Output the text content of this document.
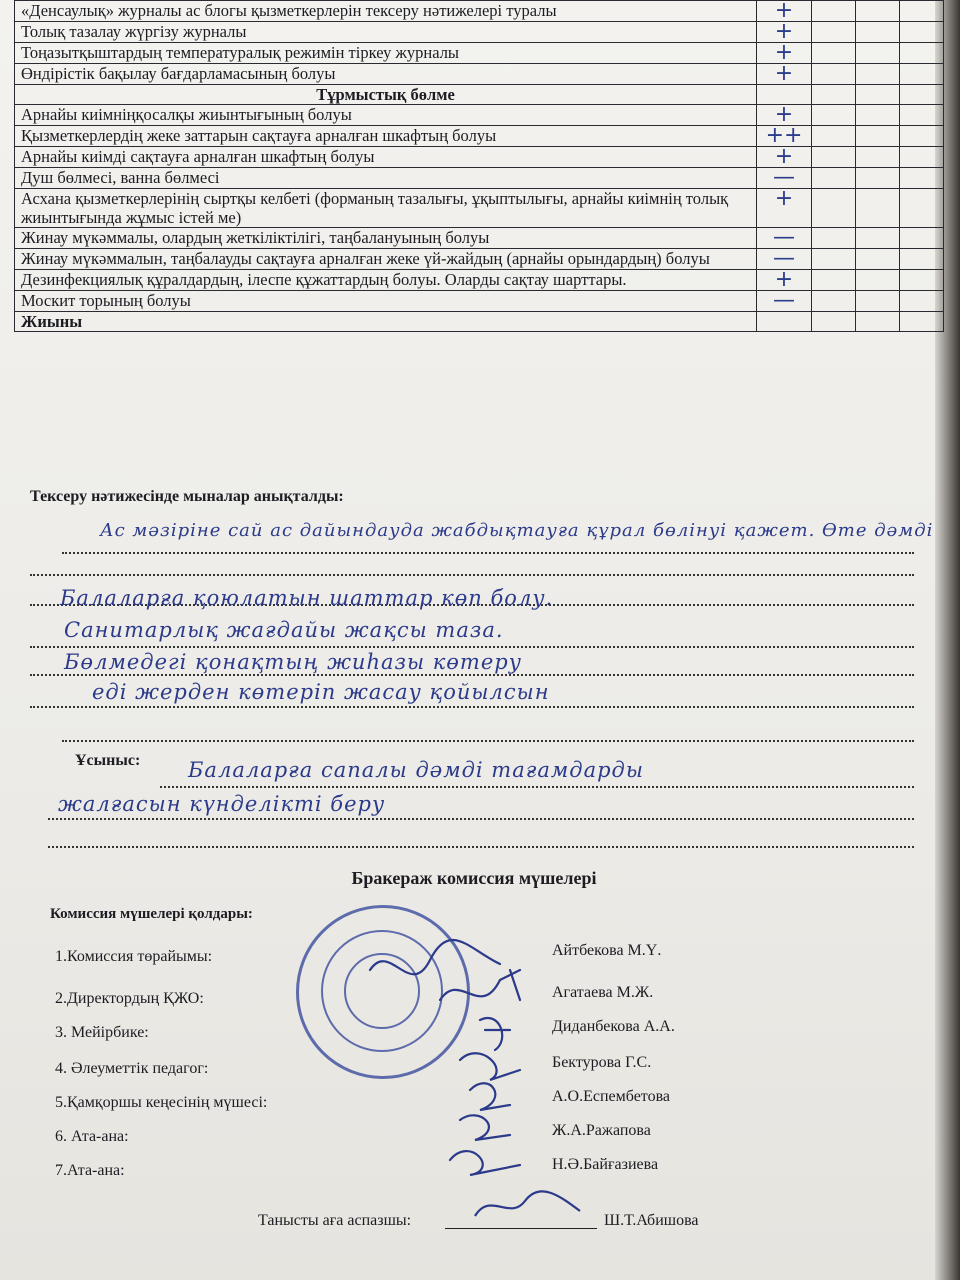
«Денсаулық» журналы ас блогы қызметкерлерін тексеру нәтижелері туралы	+			
Толық тазалау жүргізу журналы	+			
Тоңазытқыштардың температуралық режимін тіркеу журналы	+			
Өндірістік бақылау бағдарламасының болуы	+			
Тұрмыстық бөлме				
Арнайы киімніңқосалқы жиынтығының болуы	+			
Қызметкерлердің жеке заттарын сақтауға арналған шкафтың болуы	++			
Арнайы киімді сақтауға арналған шкафтың болуы	+			
Душ бөлмесі, ванна бөлмесі	—			
Асхана қызметкерлерінің сыртқы келбеті (форманың тазалығы, ұқыптылығы, арнайы киімнің толық жиынтығында жұмыс істей ме)	+			
Жинау мүкәммалы, олардың жеткіліктілігі, таңбалануының болуы	—			
Жинау мүкәммалын, таңбалауды сақтауға арналған жеке үй-жайдың (арнайы орындардың) болуы	—			
Дезинфекциялық құралдардың, ілеспе құжаттардың болуы. Оларды сақтау шарттары.	+			
Москит торының болуы	—			
Жиыны				
Тексеру нәтижесінде мыналар анықталды:
Ас мәзіріне сай ас дайындауда жабдықтауға құрал бөлінуі қажет. Өте дәмді
Балаларға қоюлатын шаттар көп болу.
Санитарлық жағдайы жақсы таза.
Бөлмедегі қонақтың жиһазы көтеру
еді жерден көтеріп жасау қойылсын
Ұсыныс: Балаларға сапалы дәмді тағамдарды
жалғасын күнделікті беру
Бракераж комиссия мүшелері
Комиссия мүшелері қолдары:
1.Комиссия төрайымы:	Айтбекова М.Ү.
2.Директордың ҚЖО:	Агатаева М.Ж.
3. Мейірбике:	Диданбекова А.А.
4. Әлеуметтік педагог:	Бектурова Г.С.
5.Қамқоршы кеңесінің мүшесі:	А.О.Еспембетова
6. Ата-ана:	Ж.А.Ражапова
7.Ата-ана:	Н.Ә.Байғазиева
Танысты аға аспазшы:	Ш.Т.Абишова
